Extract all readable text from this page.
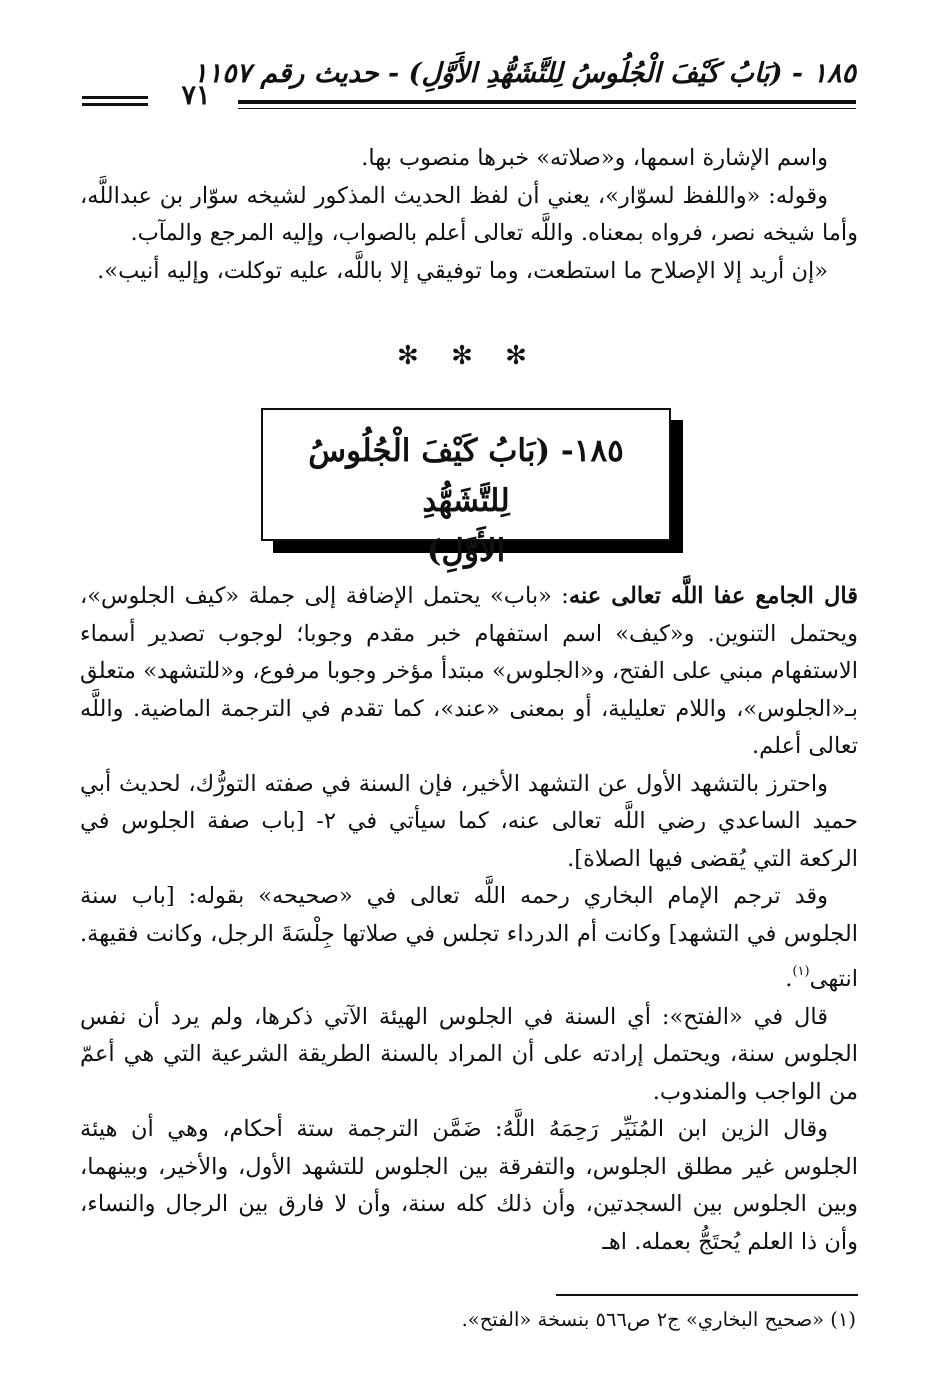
١٨٥ - (بَابُ كَيْفَ الْجُلُوسُ لِلتَّشَهُّدِ الأَوَّلِ) - حديث رقم ١١٥٧
٧١

واسم الإشارة اسمها، و«صلاته» خبرها منصوب بها.

وقوله: «واللفظ لسوّار»، يعني أن لفظ الحديث المذكور لشيخه سوّار بن عبداللَّه، وأما شيخه نصر، فرواه بمعناه. واللَّه تعالى أعلم بالصواب، وإليه المرجع والمآب.

«إن أريد إلا الإصلاح ما استطعت، وما توفيقي إلا باللَّه، عليه توكلت، وإليه أنيب».

✻ ✻ ✻
١٨٥- (بَابُ كَيْفَ الْجُلُوسُ لِلتَّشَهُّدِ
الأَوَّلِ)

قال الجامع عفا اللَّه تعالى عنه: «باب» يحتمل الإضافة إلى جملة «كيف الجلوس»، ويحتمل التنوين. و«كيف» اسم استفهام خبر مقدم وجوبا؛ لوجوب تصدير أسماء الاستفهام مبني على الفتح، و«الجلوس» مبتدأ مؤخر وجوبا مرفوع، و«للتشهد» متعلق بـ«الجلوس»، واللام تعليلية، أو بمعنى «عند»، كما تقدم في الترجمة الماضية. واللَّه تعالى أعلم.

واحترز بالتشهد الأول عن التشهد الأخير، فإن السنة في صفته التورُّك، لحديث أبي حميد الساعدي رضي اللَّه تعالى عنه، كما سيأتي في ٢- [باب صفة الجلوس في الركعة التي يُقضى فيها الصلاة].

وقد ترجم الإمام البخاري رحمه اللَّه تعالى في «صحيحه» بقوله: [باب سنة الجلوس في التشهد] وكانت أم الدرداء تجلس في صلاتها جِلْسَةَ الرجل، وكانت فقيهة. انتهى$^{(١)}$.

قال في «الفتح»: أي السنة في الجلوس الهيئة الآتي ذكرها، ولم يرد أن نفس الجلوس سنة، ويحتمل إرادته على أن المراد بالسنة الطريقة الشرعية التي هي أعمّ من الواجب والمندوب.

وقال الزين ابن المُنَيِّر رَحِمَهُ اللَّهُ: ضَمَّن الترجمة ستة أحكام، وهي أن هيئة الجلوس غير مطلق الجلوس، والتفرقة بين الجلوس للتشهد الأول، والأخير، وبينهما، وبين الجلوس بين السجدتين، وأن ذلك كله سنة، وأن لا فارق بين الرجال والنساء، وأن ذا العلم يُحتَجُّ بعمله. اهـ

(١) «صحيح البخاري» ج٢ ص٥٦٦ بنسخة «الفتح».
